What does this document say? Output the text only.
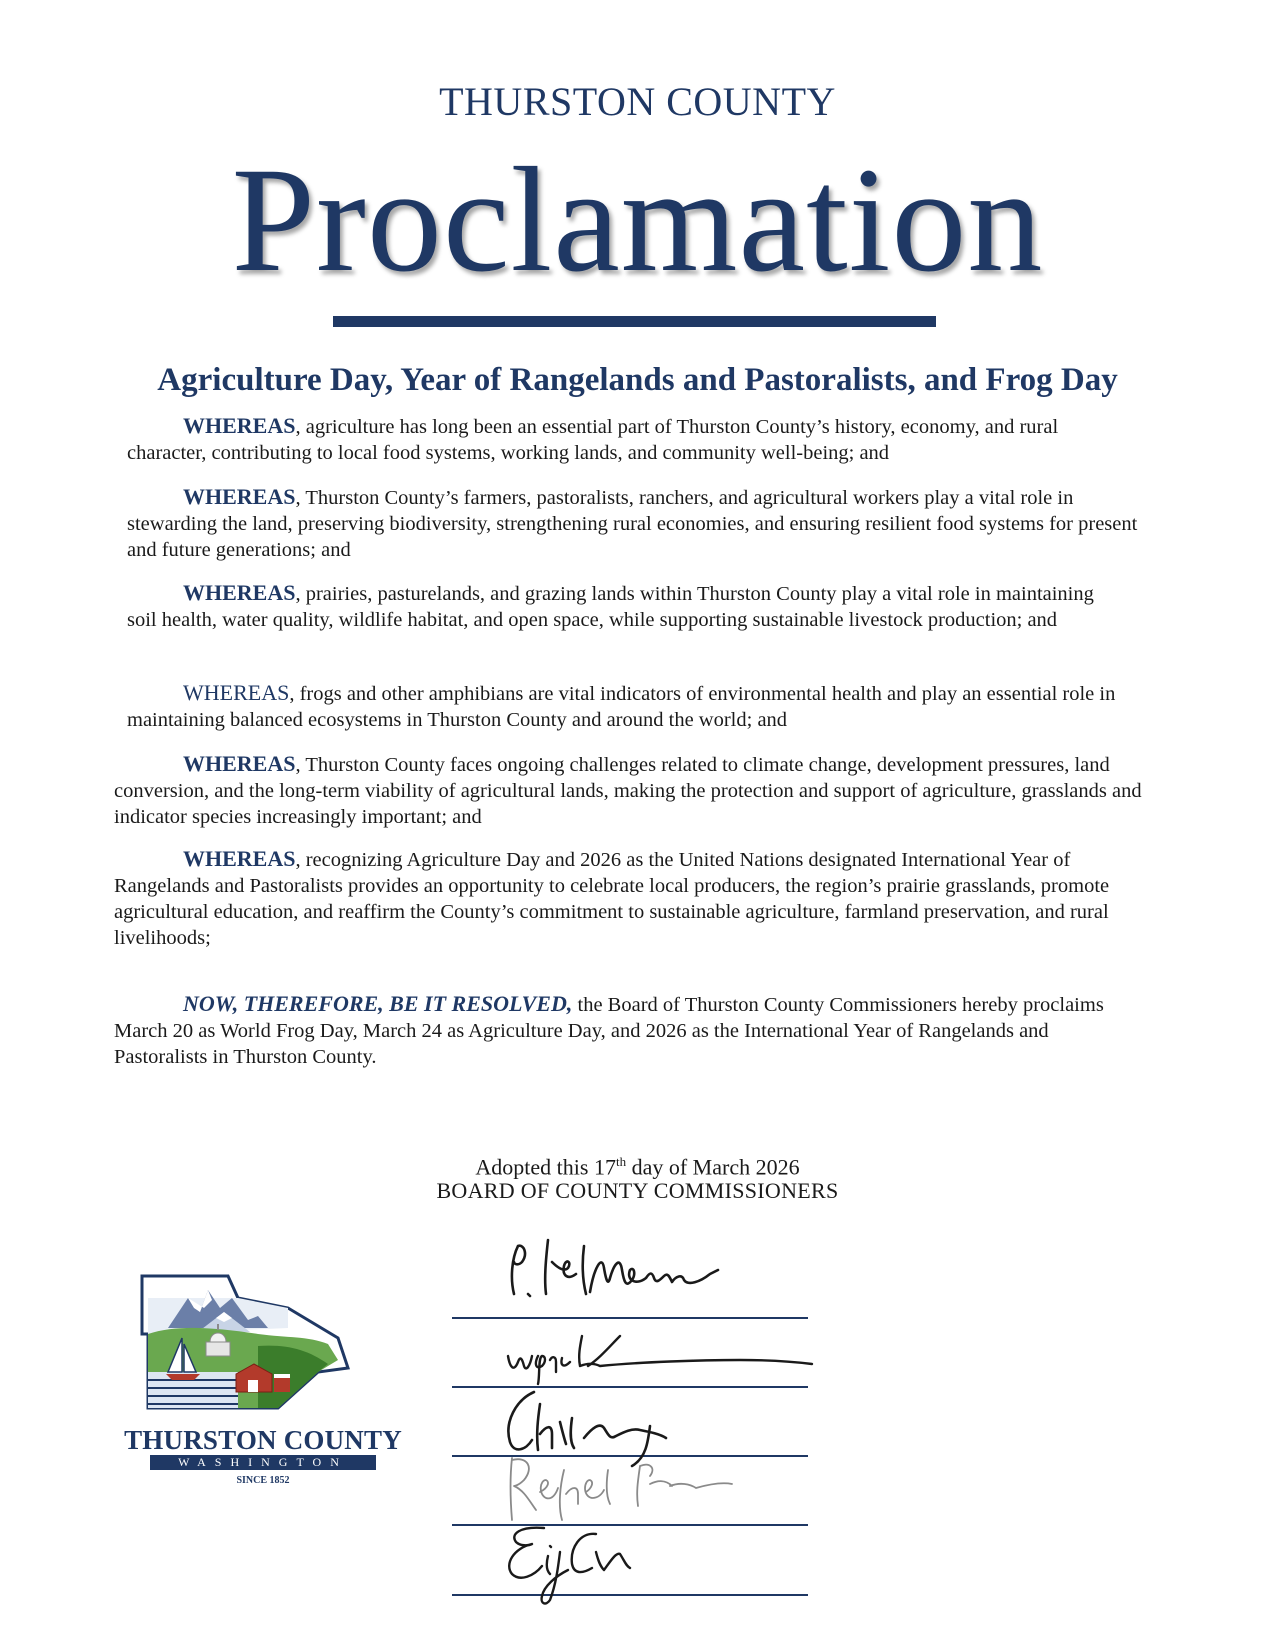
THURSTON COUNTY
Proclamation
Agriculture Day, Year of Rangelands and Pastoralists, and Frog Day

WHEREAS, agriculture has long been an essential part of Thurston County’s history, economy, and rural character, contributing to local food systems, working lands, and community well-being; and

WHEREAS, Thurston County’s farmers, pastoralists, ranchers, and agricultural workers play a vital role in stewarding the land, preserving biodiversity, strengthening rural economies, and ensuring resilient food systems for present and future generations; and

WHEREAS, prairies, pasturelands, and grazing lands within Thurston County play a vital role in maintaining soil health, water quality, wildlife habitat, and open space, while supporting sustainable livestock production; and

WHEREAS, frogs and other amphibians are vital indicators of environmental health and play an essential role in maintaining balanced ecosystems in Thurston County and around the world; and

WHEREAS, Thurston County faces ongoing challenges related to climate change, development pressures, land conversion, and the long-term viability of agricultural lands, making the protection and support of agriculture, grasslands and indicator species increasingly important; and

WHEREAS, recognizing Agriculture Day and 2026 as the United Nations designated International Year of Rangelands and Pastoralists provides an opportunity to celebrate local producers, the region’s prairie grasslands, promote agricultural education, and reaffirm the County’s commitment to sustainable agriculture, farmland preservation, and rural livelihoods;

NOW, THEREFORE, BE IT RESOLVED, the Board of Thurston County Commissioners hereby proclaims March 20 as World Frog Day, March 24 as Agriculture Day, and 2026 as the International Year of Rangelands and Pastoralists in Thurston County.

Adopted this 17th day of March 2026
BOARD OF COUNTY COMMISSIONERS
THURSTON COUNTY
WASHINGTON
SINCE 1852
